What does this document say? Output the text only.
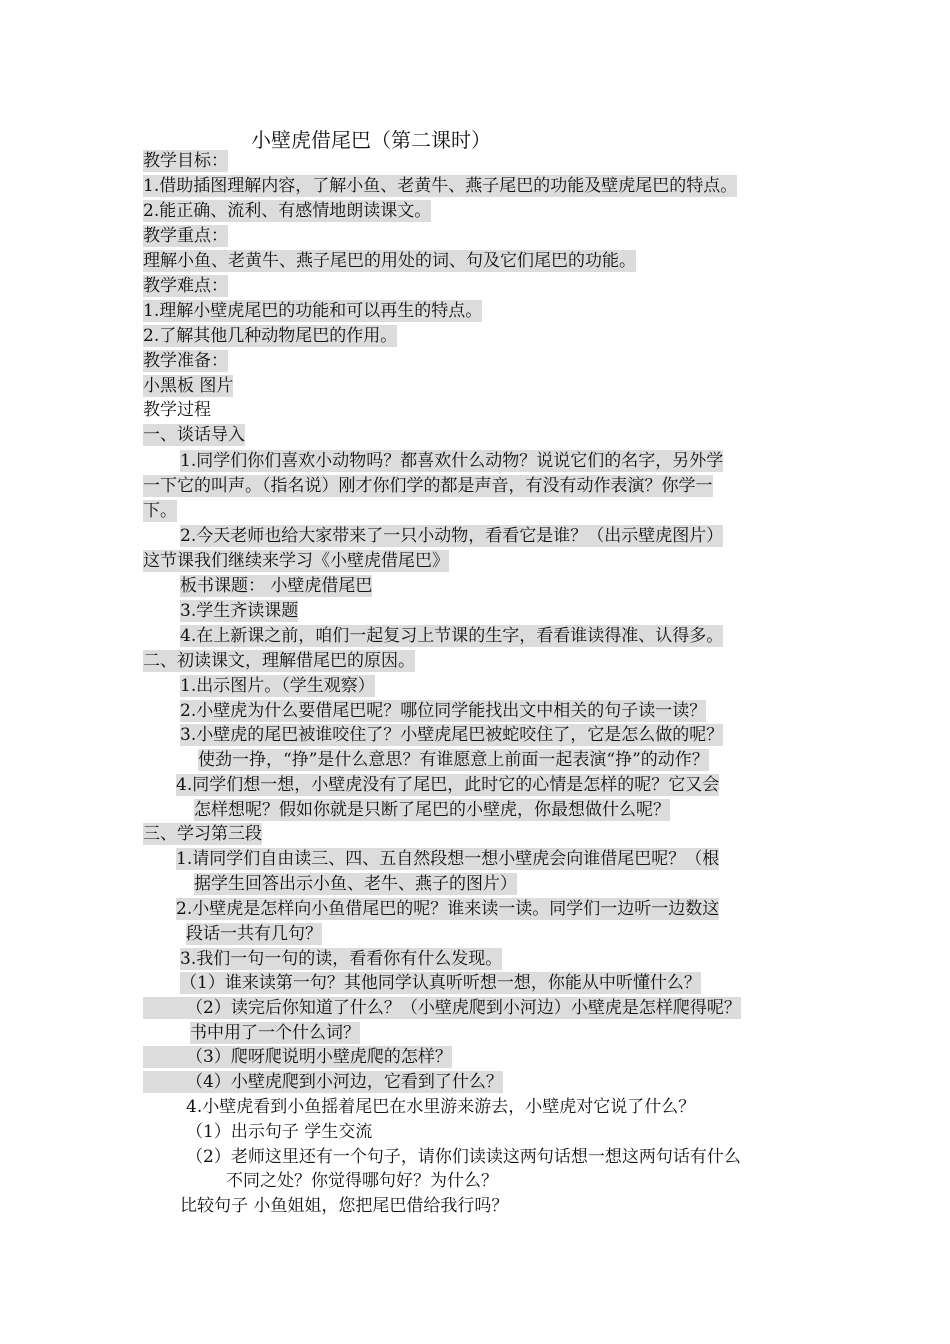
小壁虎借尾巴（第二课时）
教学目标：
1.借助插图理解内容，了解小鱼、老黄牛、燕子尾巴的功能及壁虎尾巴的特点。
2.能正确、流利、有感情地朗读课文。
教学重点：
理解小鱼、老黄牛、燕子尾巴的用处的词、句及它们尾巴的功能。
教学难点：
1.理解小壁虎尾巴的功能和可以再生的特点。
2.了解其他几种动物尾巴的作用。
教学准备：
小黑板 图片
教学过程
一、谈话导入
1.同学们你们喜欢小动物吗？都喜欢什么动物？说说它们的名字，另外学
一下它的叫声。（指名说）刚才你们学的都是声音，有没有动作表演？你学一
下。
2.今天老师也给大家带来了一只小动物，看看它是谁？（出示壁虎图片）
这节课我们继续来学习《小壁虎借尾巴》
板书课题： 小壁虎借尾巴
3.学生齐读课题
4.在上新课之前，咱们一起复习上节课的生字，看看谁读得准、认得多。
二、初读课文，理解借尾巴的原因。
1.出示图片。（学生观察）
2.小壁虎为什么要借尾巴呢？哪位同学能找出文中相关的句子读一读？
3.小壁虎的尾巴被谁咬住了？小壁虎尾巴被蛇咬住了，它是怎么做的呢？
使劲一挣，“挣”是什么意思？有谁愿意上前面一起表演“挣”的动作？
4.同学们想一想，小壁虎没有了尾巴，此时它的心情是怎样的呢？它又会
怎样想呢？假如你就是只断了尾巴的小壁虎，你最想做什么呢？
三、学习第三段
1.请同学们自由读三、四、五自然段想一想小壁虎会向谁借尾巴呢？（根
据学生回答出示小鱼、老牛、燕子的图片）
2.小壁虎是怎样向小鱼借尾巴的呢？谁来读一读。同学们一边听一边数这
段话一共有几句？
3.我们一句一句的读，看看你有什么发现。
（1）谁来读第一句？其他同学认真听听想一想，你能从中听懂什么？
（2）读完后你知道了什么？（小壁虎爬到小河边）小壁虎是怎样爬得呢？
书中用了一个什么词？
（3）爬呀爬说明小壁虎爬的怎样？
（4）小壁虎爬到小河边，它看到了什么？
4.小壁虎看到小鱼摇着尾巴在水里游来游去，小壁虎对它说了什么？
（1）出示句子 学生交流
（2）老师这里还有一个句子，请你们读读这两句话想一想这两句话有什么
不同之处？你觉得哪句好？为什么？
比较句子 小鱼姐姐，您把尾巴借给我行吗？
